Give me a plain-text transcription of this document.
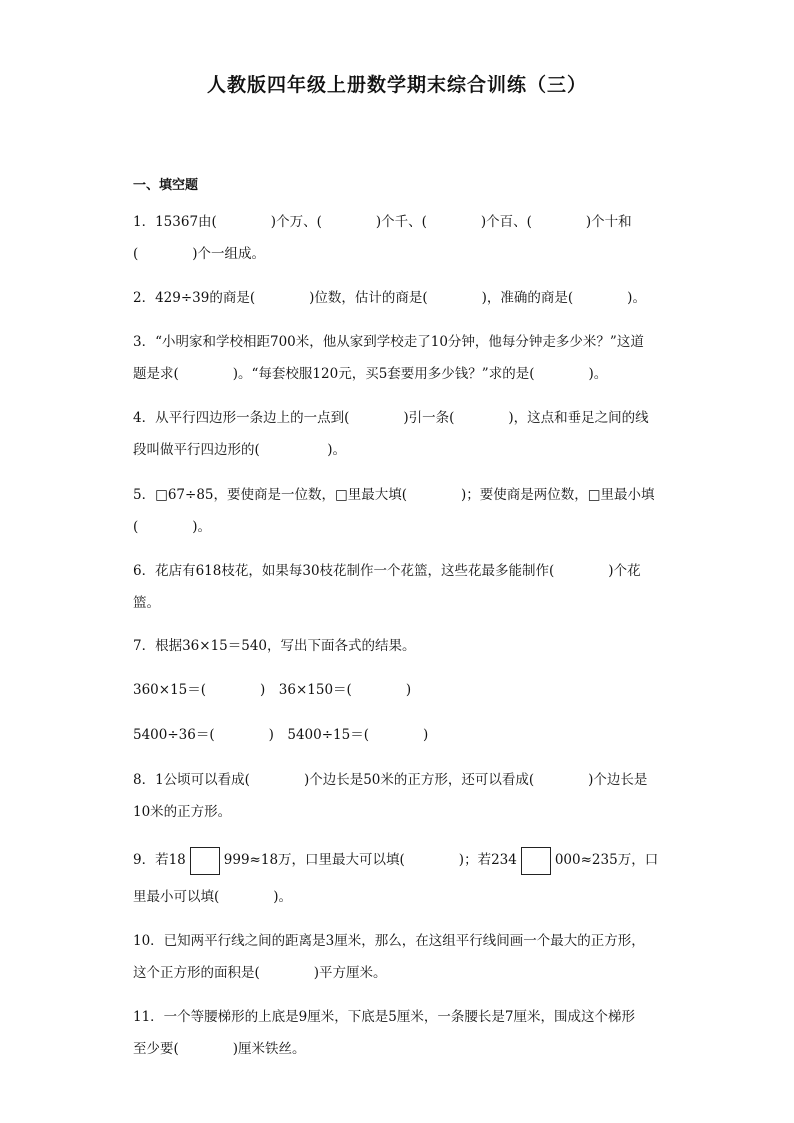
人教版四年级上册数学期末综合训练（三）
一、填空题
1．15367由(　　　　)个万、(　　　　)个千、(　　　　)个百、(　　　　)个十和
(　　　　)个一组成。
2．429÷39的商是(　　　　)位数，估计的商是(　　　　)，准确的商是(　　　　)。
3．“小明家和学校相距700米，他从家到学校走了10分钟，他每分钟走多少米？”这道
题是求(　　　　)。“每套校服120元，买5套要用多少钱？”求的是(　　　　)。
4．从平行四边形一条边上的一点到(　　　　)引一条(　　　　)，这点和垂足之间的线
段叫做平行四边形的(　　　　　)。
5．□67÷85，要使商是一位数，□里最大填(　　　　)；要使商是两位数，□里最小填
(　　　　)。
6．花店有618枝花，如果每30枝花制作一个花篮，这些花最多能制作(　　　　)个花
篮。
7．根据36×15＝540，写出下面各式的结果。
360×15＝(　　　　)　36×150＝(　　　　)
5400÷36＝(　　　　)　5400÷15＝(　　　　)
8．1公顷可以看成(　　　　)个边长是50米的正方形，还可以看成(　　　　)个边长是
10米的正方形。
9．若18	999≈18万，口里最大可以填(　　　　)；若234	000≈235万，口
里最小可以填(　　　　)。
10．已知两平行线之间的距离是3厘米，那么，在这组平行线间画一个最大的正方形，
这个正方形的面积是(　　　　)平方厘米。
11．一个等腰梯形的上底是9厘米，下底是5厘米，一条腰长是7厘米，围成这个梯形
至少要(　　　　)厘米铁丝。
